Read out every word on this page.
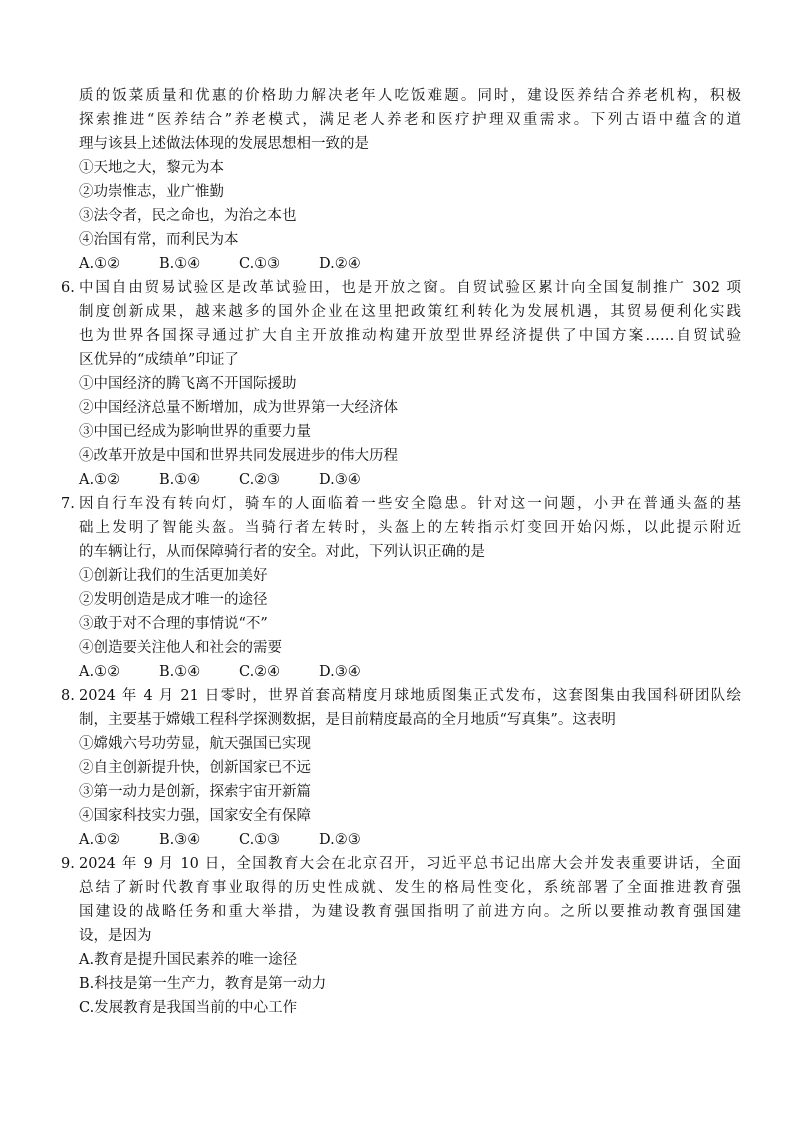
质的饭菜质量和优惠的价格助力解决老年人吃饭难题。同时，建设医养结合养老机构，积极
探索推进“医养结合”养老模式，满足老人养老和医疗护理双重需求。下列古语中蕴含的道
理与该县上述做法体现的发展思想相一致的是
①天地之大，黎元为本
②功崇惟志，业广惟勤
③法令者，民之命也，为治之本也
④治国有常，而利民为本
A.①②	B.①④	C.①③	D.②④
6. 中国自由贸易试验区是改革试验田，也是开放之窗。自贸试验区累计向全国复制推广 302 项
制度创新成果，越来越多的国外企业在这里把政策红利转化为发展机遇，其贸易便利化实践
也为世界各国探寻通过扩大自主开放推动构建开放型世界经济提供了中国方案……自贸试验
区优异的“成绩单”印证了
①中国经济的腾飞离不开国际援助
②中国经济总量不断增加，成为世界第一大经济体
③中国已经成为影响世界的重要力量
④改革开放是中国和世界共同发展进步的伟大历程
A.①②	B.①④	C.②③	D.③④
7. 因自行车没有转向灯，骑车的人面临着一些安全隐患。针对这一问题，小尹在普通头盔的基
础上发明了智能头盔。当骑行者左转时，头盔上的左转指示灯变回开始闪烁，以此提示附近
的车辆让行，从而保障骑行者的安全。对此，下列认识正确的是
①创新让我们的生活更加美好
②发明创造是成才唯一的途径
③敢于对不合理的事情说“不”
④创造要关注他人和社会的需要
A.①②	B.①④	C.②④	D.③④
8. 2024 年 4 月 21 日零时，世界首套高精度月球地质图集正式发布，这套图集由我国科研团队绘
制，主要基于嫦娥工程科学探测数据，是目前精度最高的全月地质“写真集”。这表明
①嫦娥六号功劳显，航天强国已实现
②自主创新提升快，创新国家已不远
③第一动力是创新，探索宇宙开新篇
④国家科技实力强，国家安全有保障
A.①②	B.③④	C.①③	D.②③
9. 2024 年 9 月 10 日，全国教育大会在北京召开，习近平总书记出席大会并发表重要讲话，全面
总结了新时代教育事业取得的历史性成就、发生的格局性变化，系统部署了全面推进教育强
国建设的战略任务和重大举措，为建设教育强国指明了前进方向。之所以要推动教育强国建
设，是因为
A.教育是提升国民素养的唯一途径
B.科技是第一生产力，教育是第一动力
C.发展教育是我国当前的中心工作
